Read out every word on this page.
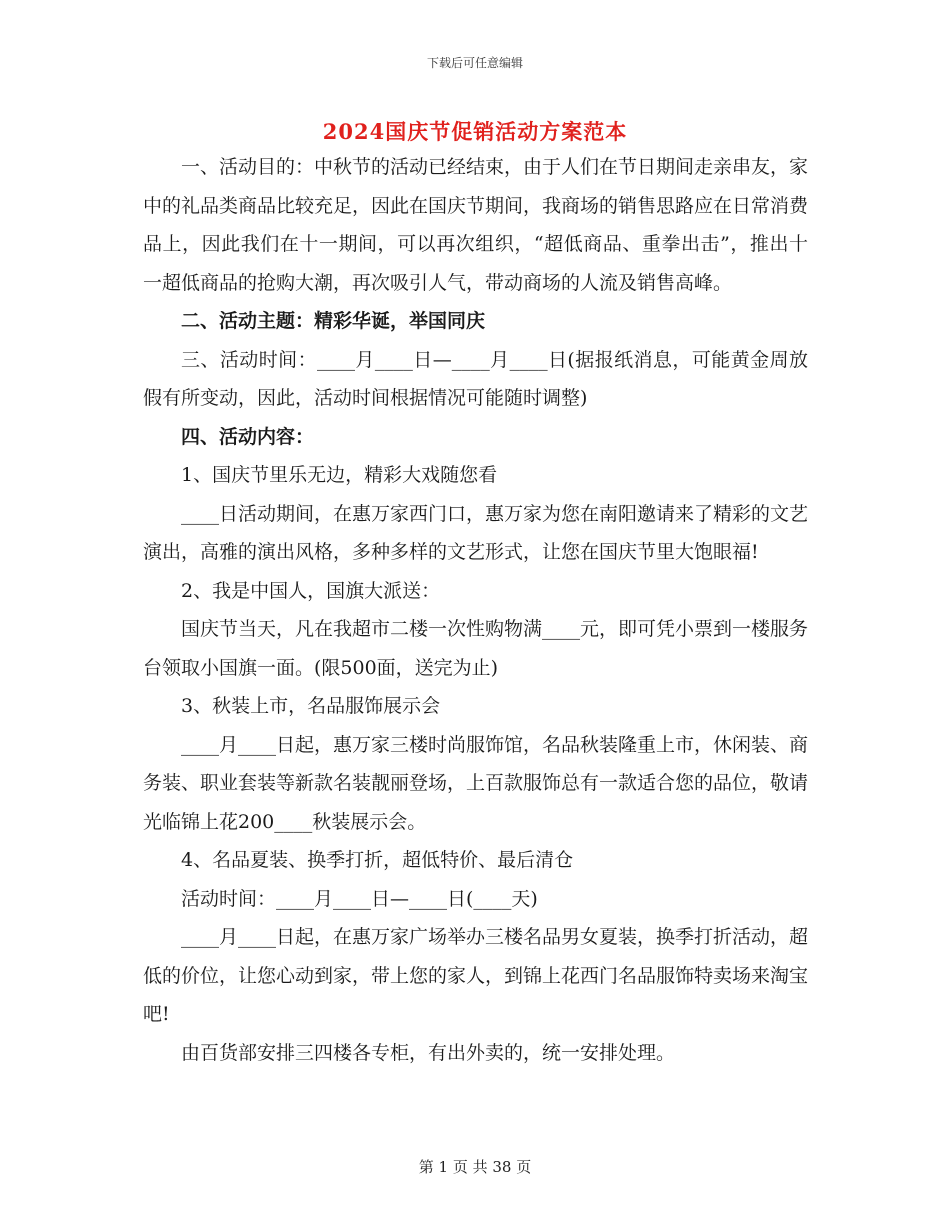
下载后可任意编辑
2024国庆节促销活动方案范本

一、活动目的：中秋节的活动已经结束，由于人们在节日期间走亲串友，家中的礼品类商品比较充足，因此在国庆节期间，我商场的销售思路应在日常消费品上，因此我们在十一期间，可以再次组织，“超低商品、重拳出击”，推出十一超低商品的抢购大潮，再次吸引人气，带动商场的人流及销售高峰。

二、活动主题：精彩华诞，举国同庆

三、活动时间：____月____日—____月____日(据报纸消息，可能黄金周放假有所变动，因此，活动时间根据情况可能随时调整)

四、活动内容：

1、国庆节里乐无边，精彩大戏随您看

____日活动期间，在惠万家西门口，惠万家为您在南阳邀请来了精彩的文艺演出，高雅的演出风格，多种多样的文艺形式，让您在国庆节里大饱眼福!

2、我是中国人，国旗大派送：

国庆节当天，凡在我超市二楼一次性购物满____元，即可凭小票到一楼服务台领取小国旗一面。(限500面，送完为止)

3、秋装上市，名品服饰展示会

____月____日起，惠万家三楼时尚服饰馆，名品秋装隆重上市，休闲装、商务装、职业套装等新款名装靓丽登场，上百款服饰总有一款适合您的品位，敬请光临锦上花200____秋装展示会。

4、名品夏装、换季打折，超低特价、最后清仓

活动时间：____月____日—____日(____天)

____月____日起，在惠万家广场举办三楼名品男女夏装，换季打折活动，超低的价位，让您心动到家，带上您的家人，到锦上花西门名品服饰特卖场来淘宝吧!

由百货部安排三四楼各专柜，有出外卖的，统一安排处理。

第 1 页 共 38 页
